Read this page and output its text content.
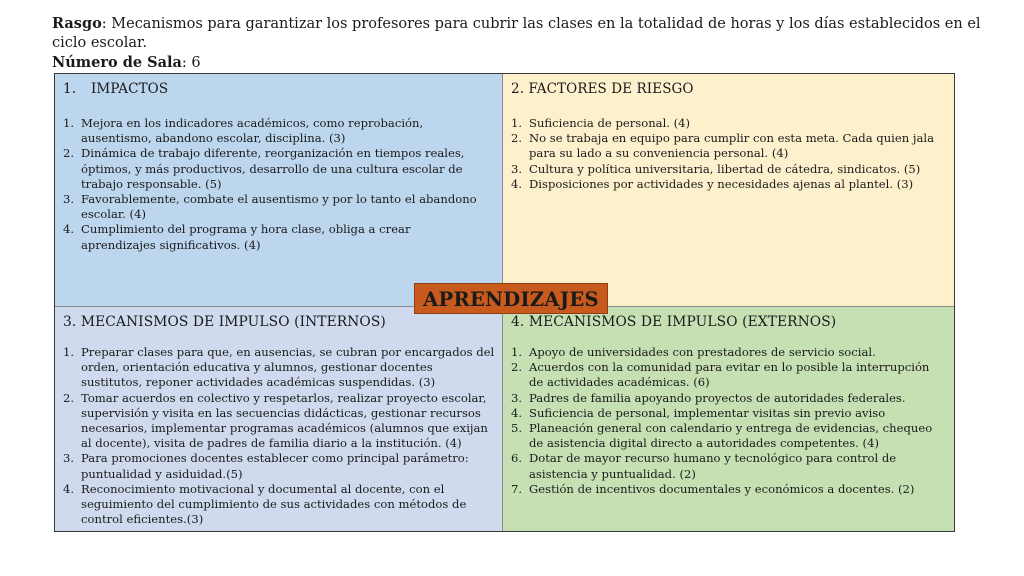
Rasgo: Mecanismos para garantizar los profesores para cubrir las clases en la totalidad de horas y los días establecidos en el ciclo escolar.
Número de Sala: 6
1. IMPACTOS
1. Mejora en los indicadores académicos, como reprobación, ausentismo, abandono escolar, disciplina. (3)
2. Dinámica de trabajo diferente, reorganización en tiempos reales, óptimos, y más productivos, desarrollo de una cultura escolar de trabajo responsable. (5)
3. Favorablemente, combate el ausentismo y por lo tanto el abandono escolar. (4)
4. Cumplimiento del programa y hora clase, obliga a crear aprendizajes significativos. (4)
2. FACTORES DE RIESGO
1. Suficiencia de personal. (4)
2. No se trabaja en equipo para cumplir con esta meta. Cada quien jala para su lado a su conveniencia personal. (4)
3. Cultura y política universitaria, libertad de cátedra, sindicatos. (5)
4. Disposiciones por actividades y necesidades ajenas al plantel. (3)
3. MECANISMOS DE IMPULSO (INTERNOS)
1. Preparar clases para que, en ausencias, se cubran por encargados del orden, orientación educativa y alumnos, gestionar docentes sustitutos, reponer actividades académicas suspendidas. (3)
2. Tomar acuerdos en colectivo y respetarlos, realizar proyecto escolar, supervisión y visita en las secuencias didácticas, gestionar recursos necesarios, implementar programas académicos (alumnos que exijan al docente), visita de padres de familia diario a la institución. (4)
3. Para promociones docentes establecer como principal parámetro: puntualidad y asiduidad.(5)
4. Reconocimiento motivacional y documental al docente, con el seguimiento del cumplimiento de sus actividades con métodos de control eficientes.(3)
4. MECANISMOS DE IMPULSO (EXTERNOS)
1. Apoyo de universidades con prestadores de servicio social.
2. Acuerdos con la comunidad para evitar en lo posible la interrupción de actividades académicas. (6)
3. Padres de familia apoyando proyectos de autoridades federales.
4. Suficiencia de personal, implementar visitas sin previo aviso
5. Planeación general con calendario y entrega de evidencias, chequeo de asistencia digital directo a autoridades competentes. (4)
6. Dotar de mayor recurso humano y tecnológico para control de asistencia y puntualidad. (2)
7. Gestión de incentivos documentales y económicos a docentes. (2)
APRENDIZAJES
